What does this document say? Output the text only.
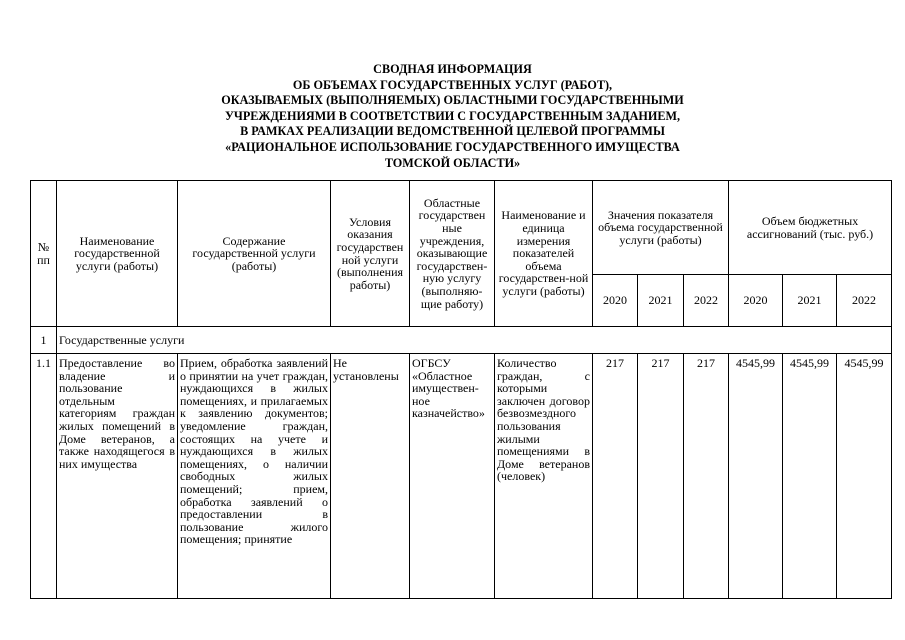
СВОДНАЯ ИНФОРМАЦИЯ
ОБ ОБЪЕМАХ ГОСУДАРСТВЕННЫХ УСЛУГ (РАБОТ),
ОКАЗЫВАЕМЫХ (ВЫПОЛНЯЕМЫХ) ОБЛАСТНЫМИ ГОСУДАРСТВЕННЫМИ
УЧРЕЖДЕНИЯМИ В СООТВЕТСТВИИ С ГОСУДАРСТВЕННЫМ ЗАДАНИЕМ,
В РАМКАХ РЕАЛИЗАЦИИ ВЕДОМСТВЕННОЙ ЦЕЛЕВОЙ ПРОГРАММЫ
«РАЦИОНАЛЬНОЕ ИСПОЛЬЗОВАНИЕ ГОСУДАРСТВЕННОГО ИМУЩЕСТВА
ТОМСКОЙ ОБЛАСТИ»
№
пп	Наименование государственной услуги (работы)	Содержание государственной услуги (работы)	Условия оказания государствен ной услуги (выполнения работы)	Областные государствен ные учреждения, оказывающие государствен-ную услугу (выполняю-щие работу)	Наименование и единица измерения показателей объема государствен-ной услуги (работы)	Значения показателя объема государственной услуги (работы)			Объем бюджетных ассигнований (тыс. руб.)		
						2020	2021	2022	2020	2021	2022
1	Государственные услуги										
1.1	Предоставление во владение и пользование отдельным категориям граждан жилых помещений в Доме ветеранов, а также находящегося в них имущества	Прием, обработка заявлений о принятии на учет граждан, нуждающихся в жилых помещениях, и прилагаемых к заявлению документов; уведомление граждан, состоящих на учете и нуждающихся в жилых помещениях, о наличии свободных жилых помещений; прием, обработка заявлений о предоставлении в пользование жилого помещения; принятие	Не установлены	ОГБСУ «Областное имуществен-ное казначейство»	Количество граждан, с которыми заключен договор безвозмездного пользования жилыми помещениями в Доме ветеранов (человек)	217	217	217	4545,99	4545,99	4545,99
